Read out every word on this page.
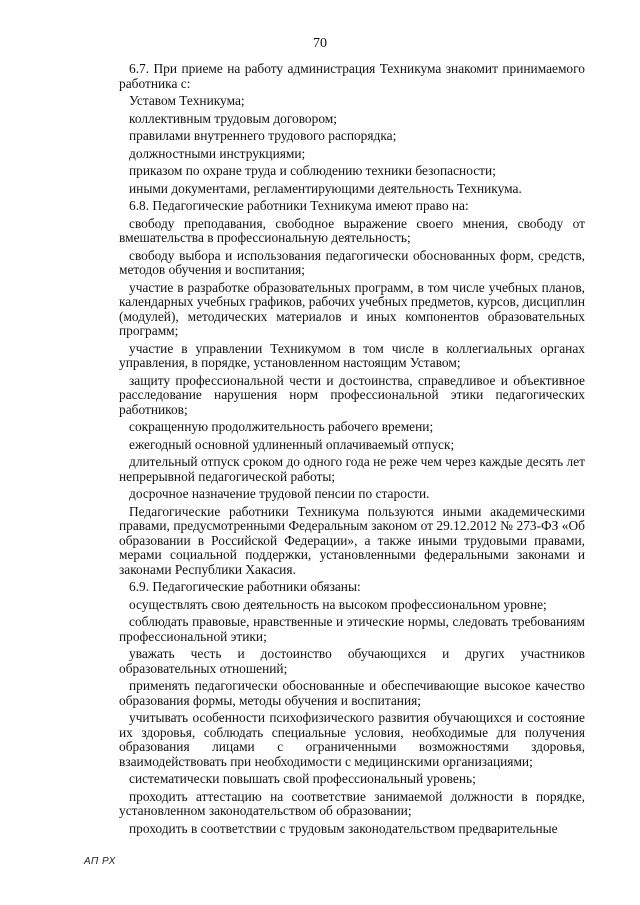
70

6.7. При приеме на работу администрация Техникума знакомит принимаемого работника с:

Уставом Техникума;

коллективным трудовым договором;

правилами внутреннего трудового распорядка;

должностными инструкциями;

приказом по охране труда и соблюдению техники безопасности;

иными документами, регламентирующими деятельность Техникума.

6.8. Педагогические работники Техникума имеют право на:

свободу преподавания, свободное выражение своего мнения, свободу от вмешательства в профессиональную деятельность;

свободу выбора и использования педагогически обоснованных форм, средств, методов обучения и воспитания;

участие в разработке образовательных программ, в том числе учебных планов, календарных учебных графиков, рабочих учебных предметов, курсов, дисциплин (модулей), методических материалов и иных компонентов образовательных программ;

участие в управлении Техникумом в том числе в коллегиальных органах управления, в порядке, установленном настоящим Уставом;

защиту профессиональной чести и достоинства, справедливое и объективное расследование нарушения норм профессиональной этики педагогических работников;

сокращенную продолжительность рабочего времени;

ежегодный основной удлиненный оплачиваемый отпуск;

длительный отпуск сроком до одного года не реже чем через каждые десять лет непрерывной педагогической работы;

досрочное назначение трудовой пенсии по старости.

Педагогические работники Техникума пользуются иными академическими правами, предусмотренными Федеральным законом от 29.12.2012 № 273-ФЗ «Об образовании в Российской Федерации», а также иными трудовыми правами, мерами социальной поддержки, установленными федеральными законами и законами Республики Хакасия.

6.9. Педагогические работники обязаны:

осуществлять свою деятельность на высоком профессиональном уровне;

соблюдать правовые, нравственные и этические нормы, следовать требованиям профессиональной этики;

уважать честь и достоинство обучающихся и других участников образовательных отношений;

применять педагогически обоснованные и обеспечивающие высокое качество образования формы, методы обучения и воспитания;

учитывать особенности психофизического развития обучающихся и состояние их здоровья, соблюдать специальные условия, необходимые для получения образования лицами с ограниченными возможностями здоровья, взаимодействовать при необходимости с медицинскими организациями;

систематически повышать свой профессиональный уровень;

проходить аттестацию на соответствие занимаемой должности в порядке, установленном законодательством об образовании;

проходить в соответствии с трудовым законодательством предварительные

АП РХ
